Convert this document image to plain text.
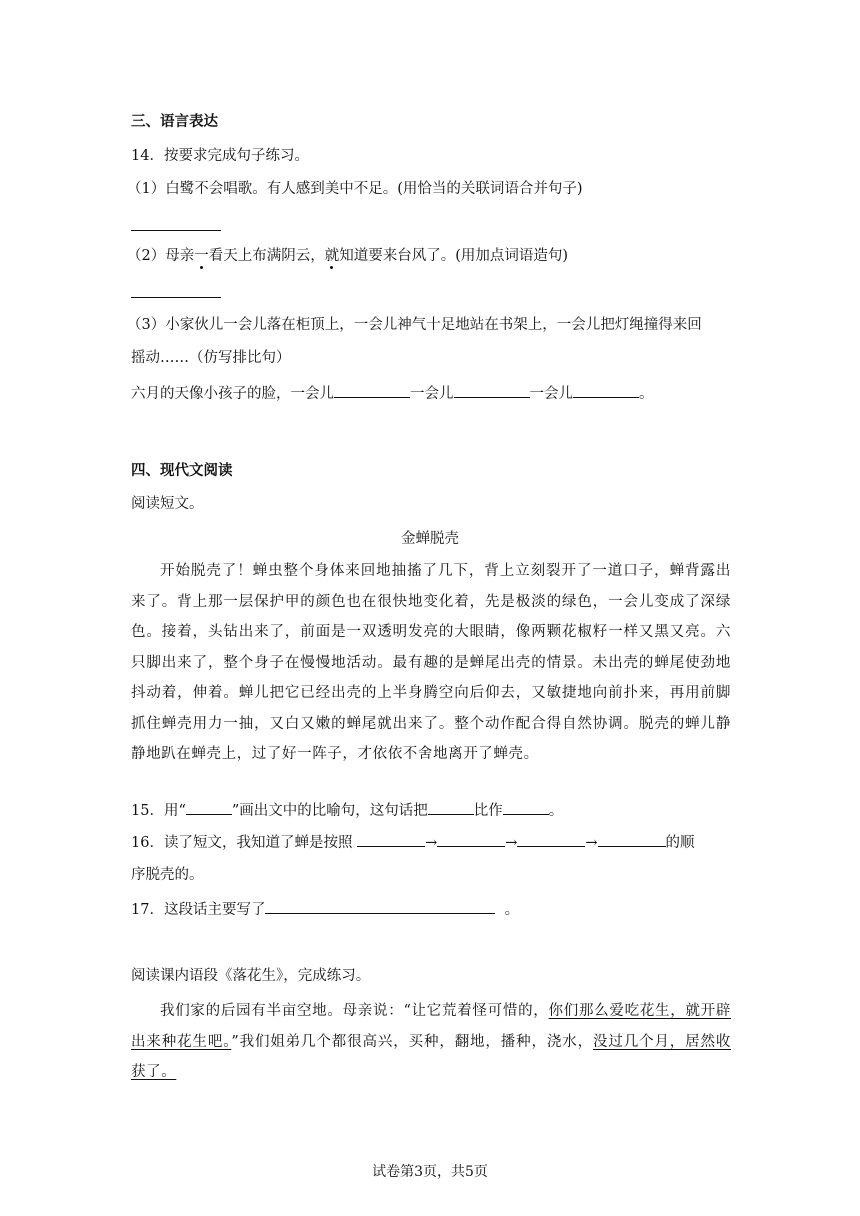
三、语言表达
14．按要求完成句子练习。
（1）白鹭不会唱歌。有人感到美中不足。(用恰当的关联词语合并句子)
（2）母亲一看天上布满阴云，就知道要来台风了。(用加点词语造句)
（3）小家伙儿一会儿落在柜顶上，一会儿神气十足地站在书架上，一会儿把灯绳撞得来回
摇动……（仿写排比句）
六月的天像小孩子的脸，一会儿	一会儿	一会儿	。
四、现代文阅读
阅读短文。
金蝉脱壳
开始脱壳了！蝉虫整个身体来回地抽搐了几下，背上立刻裂开了一道口子，蝉背露出来了。背上那一层保护甲的颜色也在很快地变化着，先是极淡的绿色，一会儿变成了深绿色。接着，头钻出来了，前面是一双透明发亮的大眼睛，像两颗花椒籽一样又黑又亮。六只脚出来了，整个身子在慢慢地活动。最有趣的是蝉尾出壳的情景。未出壳的蝉尾使劲地抖动着，伸着。蝉儿把它已经出壳的上半身腾空向后仰去，又敏捷地向前扑来，再用前脚抓住蝉壳用力一抽，又白又嫩的蝉尾就出来了。整个动作配合得自然协调。脱壳的蝉儿静静地趴在蝉壳上，过了好一阵子，才依依不舍地离开了蝉壳。
15．用“	”画出文中的比喻句，这句话把	比作	。
16．读了短文，我知道了蝉是按照	→	→	→	的顺
序脱壳的。
17．这段话主要写了	。
阅读课内语段《落花生》，完成练习。
我们家的后园有半亩空地。母亲说：“让它荒着怪可惜的，你们那么爱吃花生，就开辟出来种花生吧。”我们姐弟几个都很高兴，买种，翻地，播种，浇水，没过几个月，居然收获了。
试卷第3页，共5页
